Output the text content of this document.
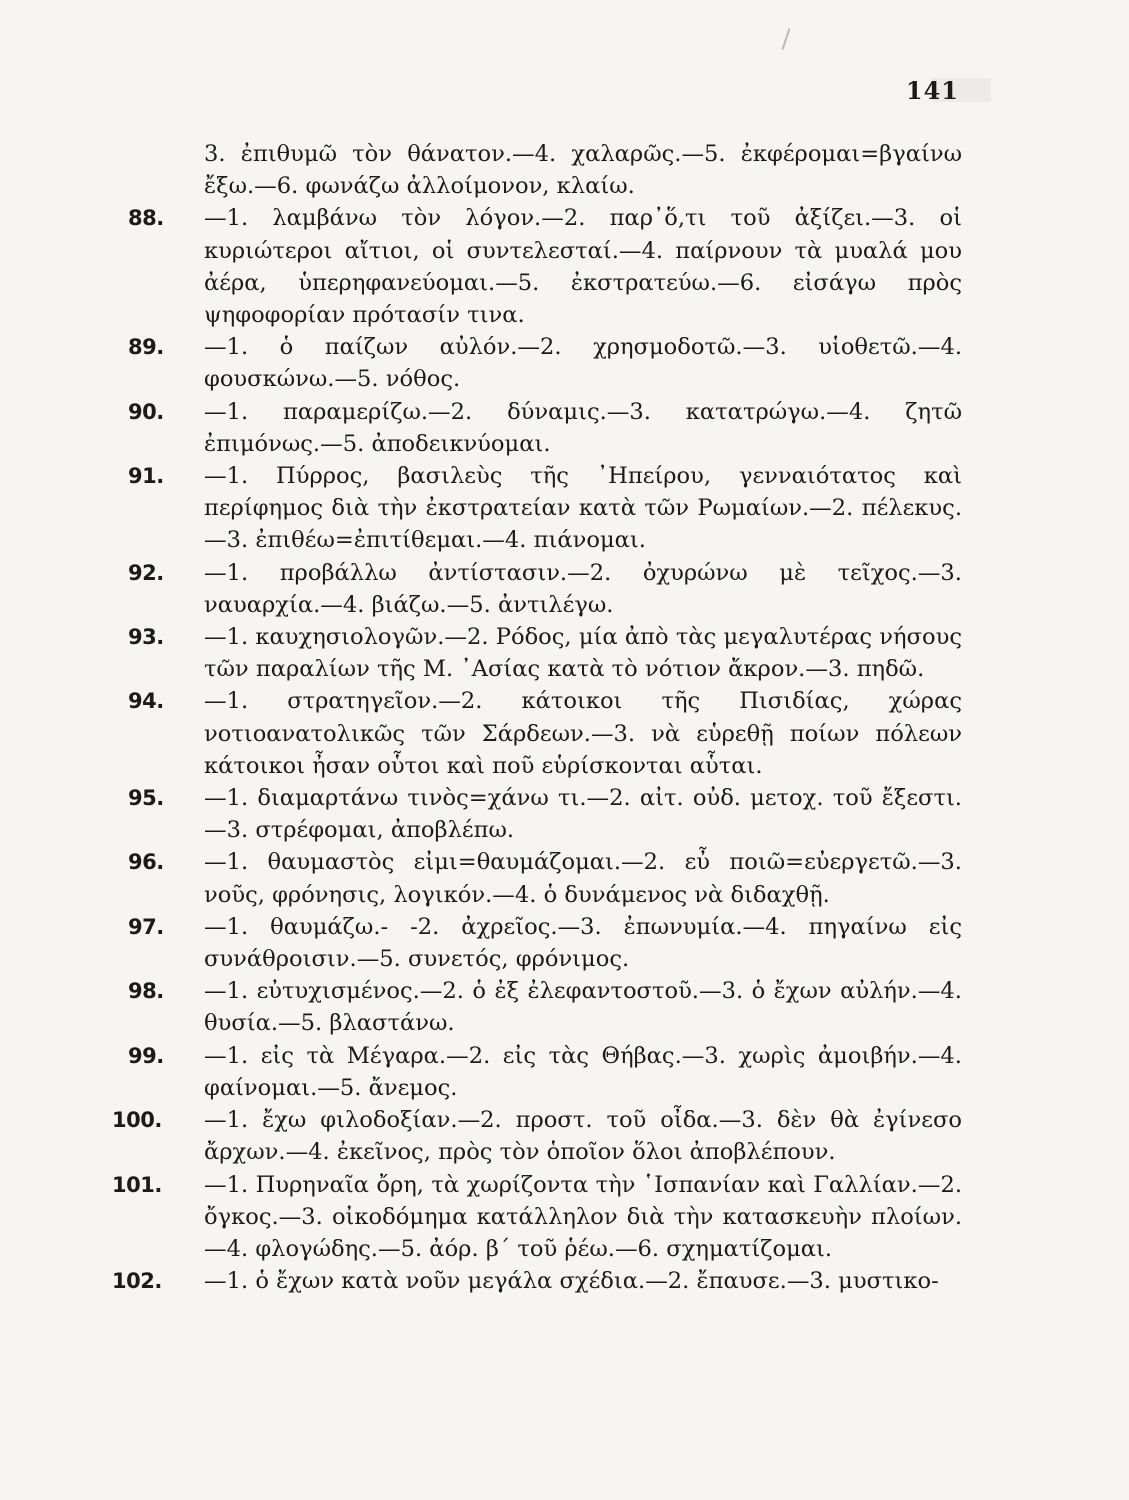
141
3. ἐπιθυμῶ τὸν θάνατον.—4. χαλαρῶς.—5. ἐκφέρομαι=βγαίνω ἔξω.—6. φωνάζω ἀλλοίμονον, κλαίω.
88.	—1. λαμβάνω τὸν λόγον.—2. παρ᾿ὅ,τι τοῦ ἀξίζει.—3. οἱ κυριώτεροι αἴτιοι, οἱ συντελεσταί.—4. παίρνουν τὰ μυαλά μου ἀέρα, ὑπερηφανεύομαι.—5. ἐκστρατεύω.—6. εἰσάγω πρὸς ψηφοφορίαν πρότασίν τινα.
89.	—1. ὁ παίζων αὐλόν.—2. χρησμοδοτῶ.—3. υἱοθετῶ.—4. φουσκώνω.—5. νόθος.
90.	—1. παραμερίζω.—2. δύναμις.—3. κατατρώγω.—4. ζητῶ ἐπιμόνως.—5. ἀποδεικνύομαι.
91.	—1. Πύρρος, βασιλεὺς τῆς ᾿Ηπείρου, γενναιότατος καὶ περίφημος διὰ τὴν ἐκστρατείαν κατὰ τῶν Ρωμαίων.—2. πέλεκυς.—3. ἐπιθέω=ἐπιτίθεμαι.—4. πιάνομαι.
92.	—1. προβάλλω ἀντίστασιν.—2. ὀχυρώνω μὲ τεῖχος.—3. ναυαρχία.—4. βιάζω.—5. ἀντιλέγω.
93.	—1. καυχησιολογῶν.—2. Ρόδος, μία ἀπὸ τὰς μεγαλυτέρας νήσους τῶν παραλίων τῆς Μ. ᾿Ασίας κατὰ τὸ νότιον ἄκρον.—3. πηδῶ.
94.	—1. στρατηγεῖον.—2. κάτοικοι τῆς Πισιδίας, χώρας νοτιοανατολικῶς τῶν Σάρδεων.—3. νὰ εὑρεθῇ ποίων πόλεων κάτοικοι ἦσαν οὗτοι καὶ ποῦ εὑρίσκονται αὗται.
95.	—1. διαμαρτάνω τινὸς=χάνω τι.—2. αἰτ. οὐδ. μετοχ. τοῦ ἔξεστι.—3. στρέφομαι, ἀποβλέπω.
96.	—1. θαυμαστὸς εἰμι=θαυμάζομαι.—2. εὖ ποιῶ=εὐεργετῶ.—3. νοῦς, φρόνησις, λογικόν.—4. ὁ δυνάμενος νὰ διδαχθῇ.
97.	—1. θαυμάζω.- -2. ἀχρεῖος.—3. ἐπωνυμία.—4. πηγαίνω εἰς συνάθροισιν.—5. συνετός, φρόνιμος.
98.	—1. εὐτυχισμένος.—2. ὁ ἐξ ἐλεφαντοστοῦ.—3. ὁ ἔχων αὐλήν.—4. θυσία.—5. βλαστάνω.
99.	—1. εἰς τὰ Μέγαρα.—2. εἰς τὰς Θήβας.—3. χωρὶς ἀμοιβήν.—4. φαίνομαι.—5. ἄνεμος.
100.	—1. ἔχω φιλοδοξίαν.—2. προστ. τοῦ οἶδα.—3. δὲν θὰ ἐγίνεσο ἄρχων.—4. ἐκεῖνος, πρὸς τὸν ὁποῖον ὅλοι ἀποβλέπουν.
101.	—1. Πυρηναῖα ὄρη, τὰ χωρίζοντα τὴν ῾Ισπανίαν καὶ Γαλλίαν.—2. ὄγκος.—3. οἰκοδόμημα κατάλληλον διὰ τὴν κατασκευὴν πλοίων.—4. φλογώδης.—5. ἀόρ. β΄ τοῦ ῥέω.—6. σχηματίζομαι.
102.	—1. ὁ ἔχων κατὰ νοῦν μεγάλα σχέδια.—2. ἔπαυσε.—3. μυστικο-
